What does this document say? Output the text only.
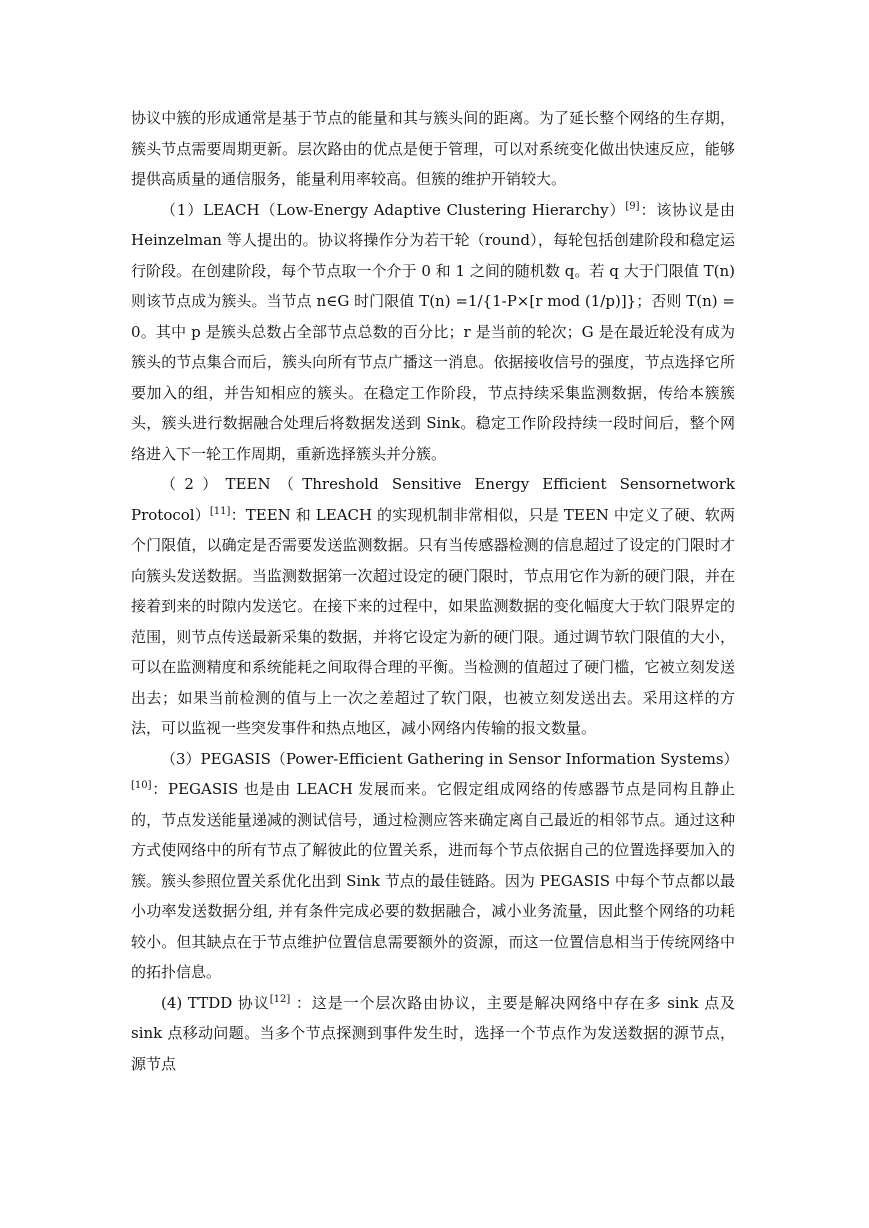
协议中簇的形成通常是基于节点的能量和其与簇头间的距离。为了延长整个网络的生存期，簇头节点需要周期更新。层次路由的优点是便于管理，可以对系统变化做出快速反应，能够提供高质量的通信服务，能量利用率较高。但簇的维护开销较大。

（1）LEACH（Low-Energy Adaptive Clustering Hierarchy）[9]：该协议是由 Heinzelman 等人提出的。协议将操作分为若干轮（round），每轮包括创建阶段和稳定运行阶段。在创建阶段，每个节点取一个介于 0 和 1 之间的随机数 q。若 q 大于门限值 T(n)则该节点成为簇头。当节点 n∈G 时门限值 T(n) =1/{1-P×[r mod (1/p)]}；否则 T(n) = 0。其中 p 是簇头总数占全部节点总数的百分比；r 是当前的轮次；G 是在最近轮没有成为簇头的节点集合而后，簇头向所有节点广播这一消息。依据接收信号的强度，节点选择它所要加入的组，并告知相应的簇头。在稳定工作阶段，节点持续采集监测数据，传给本簇簇头，簇头进行数据融合处理后将数据发送到 Sink。稳定工作阶段持续一段时间后，整个网络进入下一轮工作周期，重新选择簇头并分簇。

（2）TEEN（Threshold Sensitive Energy Efficient Sensornetwork Protocol）[11]：TEEN 和 LEACH 的实现机制非常相似，只是 TEEN 中定义了硬、软两个门限值，以确定是否需要发送监测数据。只有当传感器检测的信息超过了设定的门限时才向簇头发送数据。当监测数据第一次超过设定的硬门限时，节点用它作为新的硬门限，并在接着到来的时隙内发送它。在接下来的过程中，如果监测数据的变化幅度大于软门限界定的范围，则节点传送最新采集的数据，并将它设定为新的硬门限。通过调节软门限值的大小，可以在监测精度和系统能耗之间取得合理的平衡。当检测的值超过了硬门槛，它被立刻发送出去；如果当前检测的值与上一次之差超过了软门限，也被立刻发送出去。采用这样的方法，可以监视一些突发事件和热点地区，减小网络内传输的报文数量。

（3）PEGASIS（Power-Efficient Gathering in Sensor Information Systems）[10]：PEGASIS 也是由 LEACH 发展而来。它假定组成网络的传感器节点是同构且静止的，节点发送能量递减的测试信号，通过检测应答来确定离自己最近的相邻节点。通过这种方式使网络中的所有节点了解彼此的位置关系，进而每个节点依据自己的位置选择要加入的簇。簇头参照位置关系优化出到 Sink 节点的最佳链路。因为 PEGASIS 中每个节点都以最小功率发送数据分组, 并有条件完成必要的数据融合，减小业务流量，因此整个网络的功耗较小。但其缺点在于节点维护位置信息需要额外的资源，而这一位置信息相当于传统网络中的拓扑信息。

(4) TTDD 协议[12] ：这是一个层次路由协议，主要是解决网络中存在多 sink 点及 sink 点移动问题。当多个节点探测到事件发生时，选择一个节点作为发送数据的源节点，源节点
